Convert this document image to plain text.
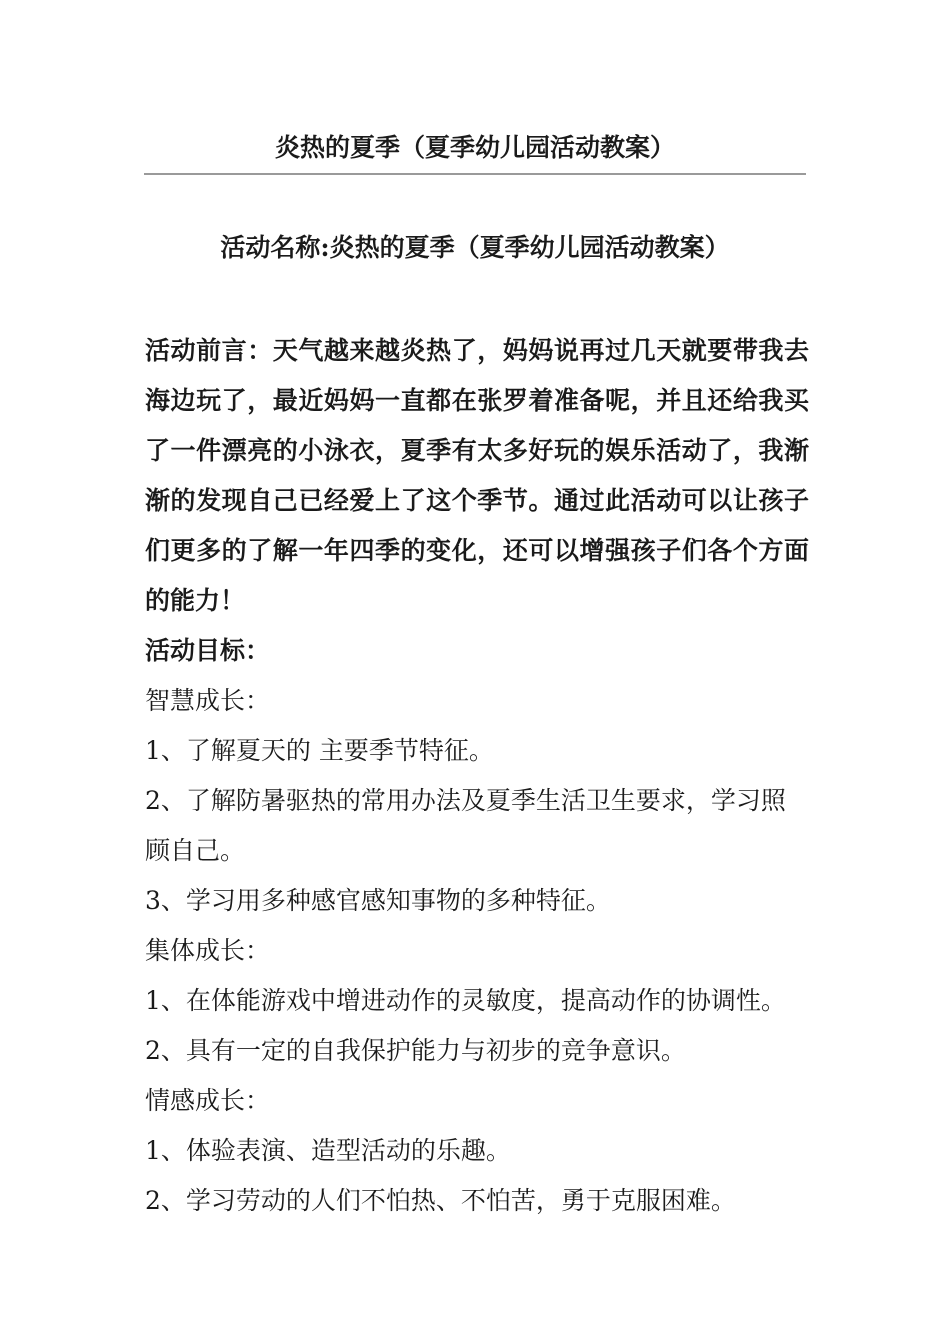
炎热的夏季（夏季幼儿园活动教案）
活动名称:炎热的夏季（夏季幼儿园活动教案）

活动前言：天气越来越炎热了，妈妈说再过几天就要带我去海边玩了，最近妈妈一直都在张罗着准备呢，并且还给我买了一件漂亮的小泳衣，夏季有太多好玩的娱乐活动了，我渐渐的发现自己已经爱上了这个季节。通过此活动可以让孩子们更多的了解一年四季的变化，还可以增强孩子们各个方面的能力！

活动目标：

智慧成长：

1、了解夏天的 主要季节特征。

2、了解防暑驱热的常用办法及夏季生活卫生要求，学习照顾自己。

3、学习用多种感官感知事物的多种特征。

集体成长：

1、在体能游戏中增进动作的灵敏度，提高动作的协调性。

2、具有一定的自我保护能力与初步的竞争意识。

情感成长：

1、体验表演、造型活动的乐趣。

2、学习劳动的人们不怕热、不怕苦，勇于克服困难。
